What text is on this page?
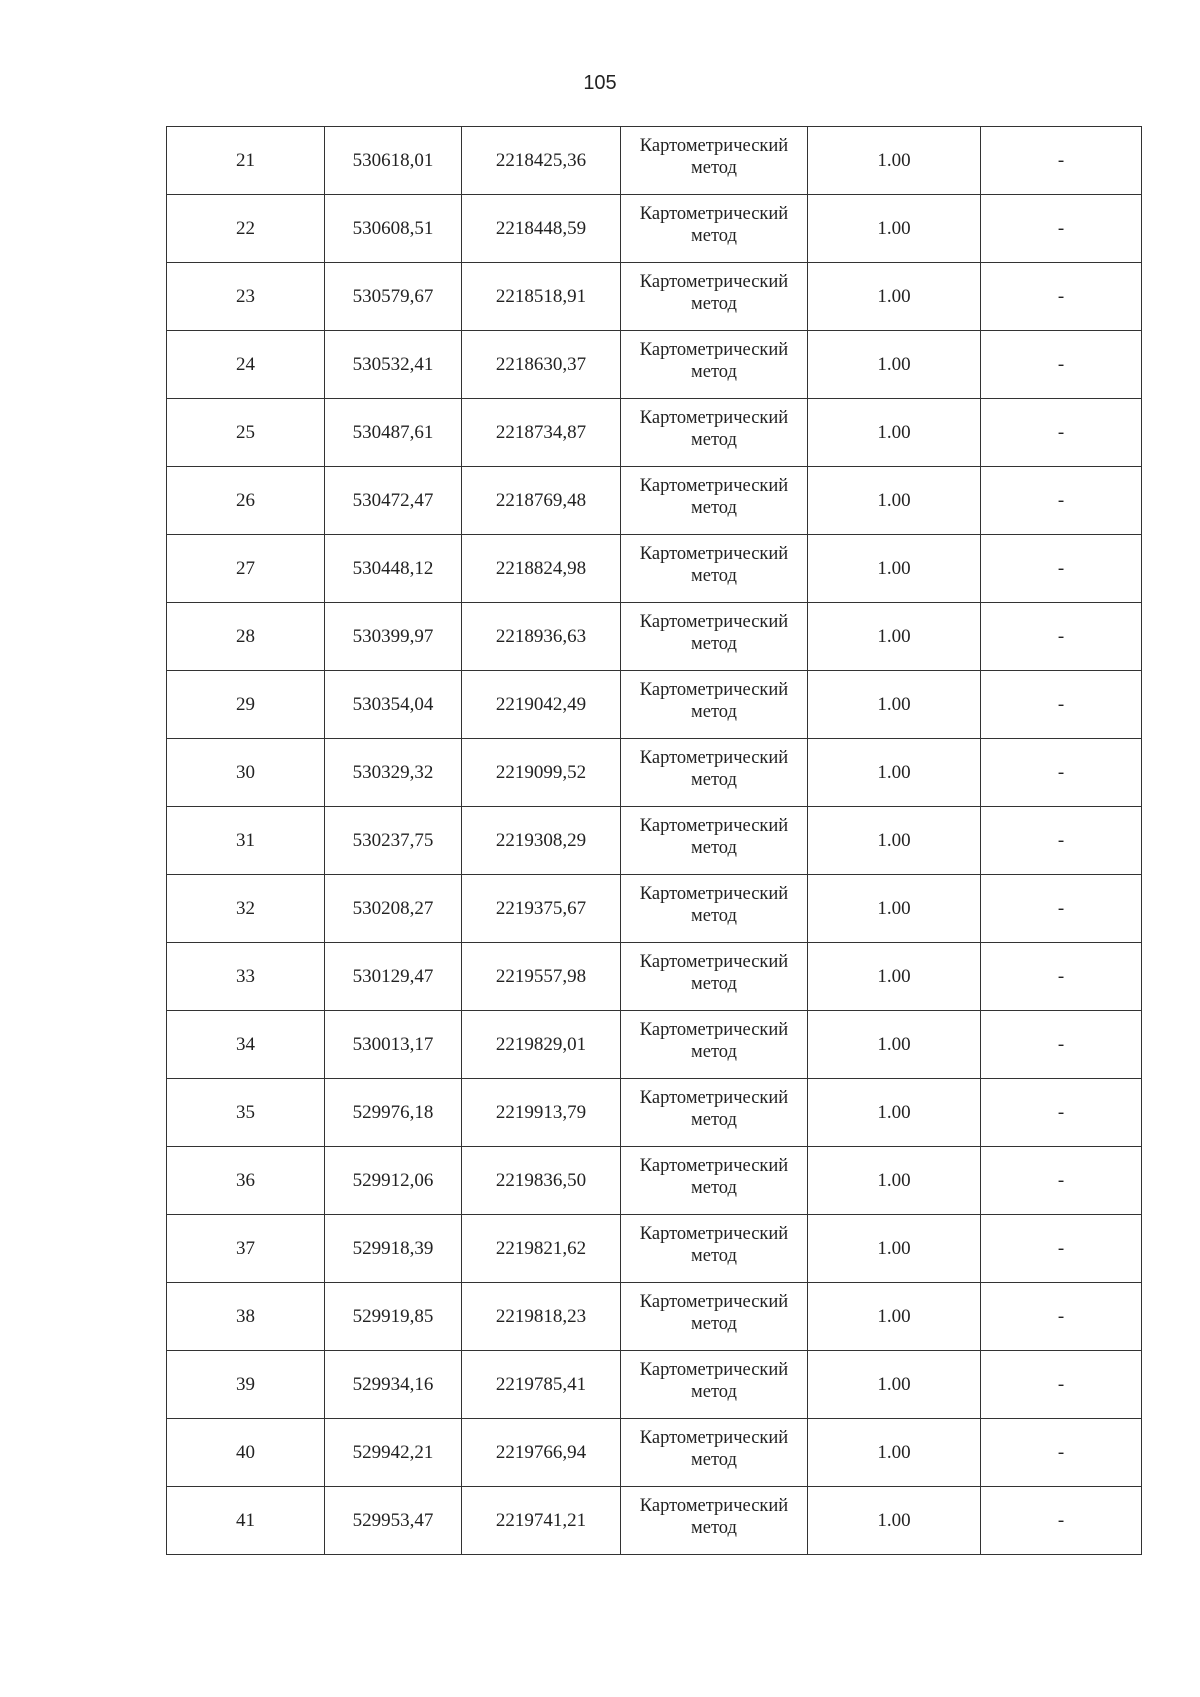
105
21	530618,01	2218425,36	Картометрический метод	1.00	-
22	530608,51	2218448,59	Картометрический метод	1.00	-
23	530579,67	2218518,91	Картометрический метод	1.00	-
24	530532,41	2218630,37	Картометрический метод	1.00	-
25	530487,61	2218734,87	Картометрический метод	1.00	-
26	530472,47	2218769,48	Картометрический метод	1.00	-
27	530448,12	2218824,98	Картометрический метод	1.00	-
28	530399,97	2218936,63	Картометрический метод	1.00	-
29	530354,04	2219042,49	Картометрический метод	1.00	-
30	530329,32	2219099,52	Картометрический метод	1.00	-
31	530237,75	2219308,29	Картометрический метод	1.00	-
32	530208,27	2219375,67	Картометрический метод	1.00	-
33	530129,47	2219557,98	Картометрический метод	1.00	-
34	530013,17	2219829,01	Картометрический метод	1.00	-
35	529976,18	2219913,79	Картометрический метод	1.00	-
36	529912,06	2219836,50	Картометрический метод	1.00	-
37	529918,39	2219821,62	Картометрический метод	1.00	-
38	529919,85	2219818,23	Картометрический метод	1.00	-
39	529934,16	2219785,41	Картометрический метод	1.00	-
40	529942,21	2219766,94	Картометрический метод	1.00	-
41	529953,47	2219741,21	Картометрический метод	1.00	-
